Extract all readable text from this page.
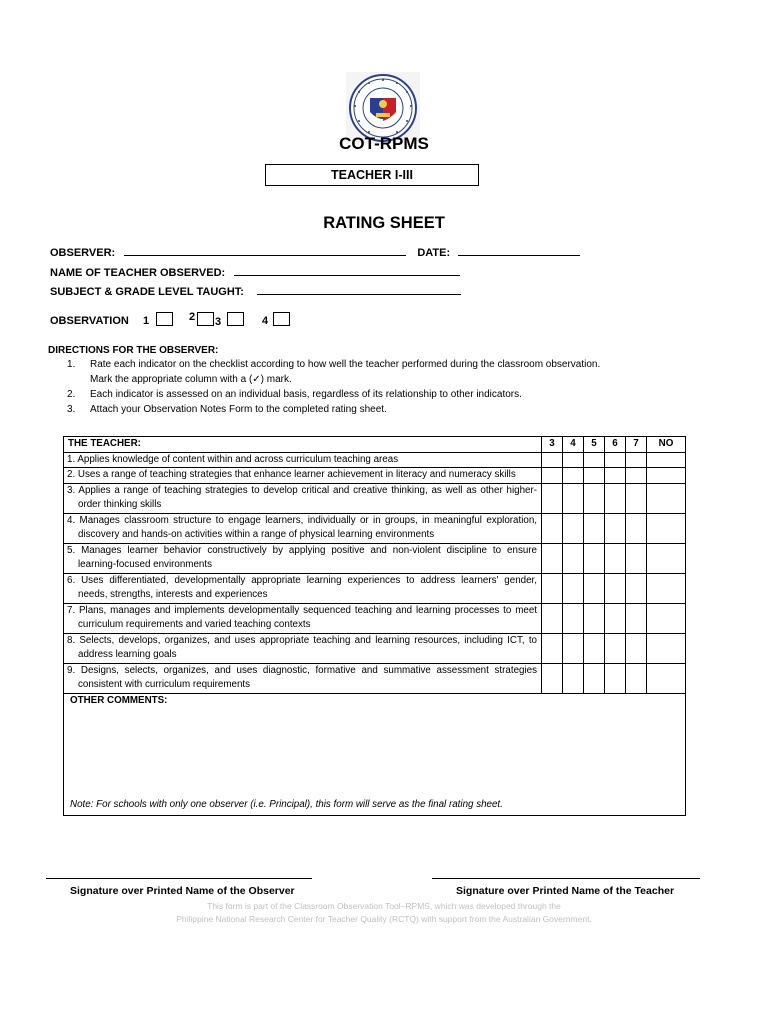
COT-RPMS
TEACHER I-III
RATING SHEET
OBSERVER:	DATE:
NAME OF TEACHER OBSERVED:
SUBJECT & GRADE LEVEL TAUGHT:
OBSERVATION 1	2 3	4
DIRECTIONS FOR THE OBSERVER:
1. Rate each indicator on the checklist according to how well the teacher performed during the classroom observation.
Mark the appropriate column with a (✓) mark.
2. Each indicator is assessed on an individual basis, regardless of its relationship to other indicators.
3. Attach your Observation Notes Form to the completed rating sheet.
THE TEACHER:	3	4	5	6	7	NO
1. Applies knowledge of content within and across curriculum teaching areas						
2. Uses a range of teaching strategies that enhance learner achievement in literacy and numeracy skills						
3. Applies a range of teaching strategies to develop critical and creative thinking, as well as other higher-order thinking skills						
4. Manages classroom structure to engage learners, individually or in groups, in meaningful exploration, discovery and hands-on activities within a range of physical learning environments						
5. Manages learner behavior constructively by applying positive and non-violent discipline to ensure learning-focused environments						
6. Uses differentiated, developmentally appropriate learning experiences to address learners' gender, needs, strengths, interests and experiences						
7. Plans, manages and implements developmentally sequenced teaching and learning processes to meet curriculum requirements and varied teaching contexts						
8. Selects, develops, organizes, and uses appropriate teaching and learning resources, including ICT, to address learning goals						
9. Designs, selects, organizes, and uses diagnostic, formative and summative assessment strategies consistent with curriculum requirements						
OTHER COMMENTS:
Note: For schools with only one observer (i.e. Principal), this form will serve as the final rating sheet.						
Signature over Printed Name of the Observer	Signature over Printed Name of the Teacher
This form is part of the Classroom Observation Tool–RPMS, which was developed through the
Philippine National Research Center for Teacher Quality (RCTQ) with support from the Australian Government.
